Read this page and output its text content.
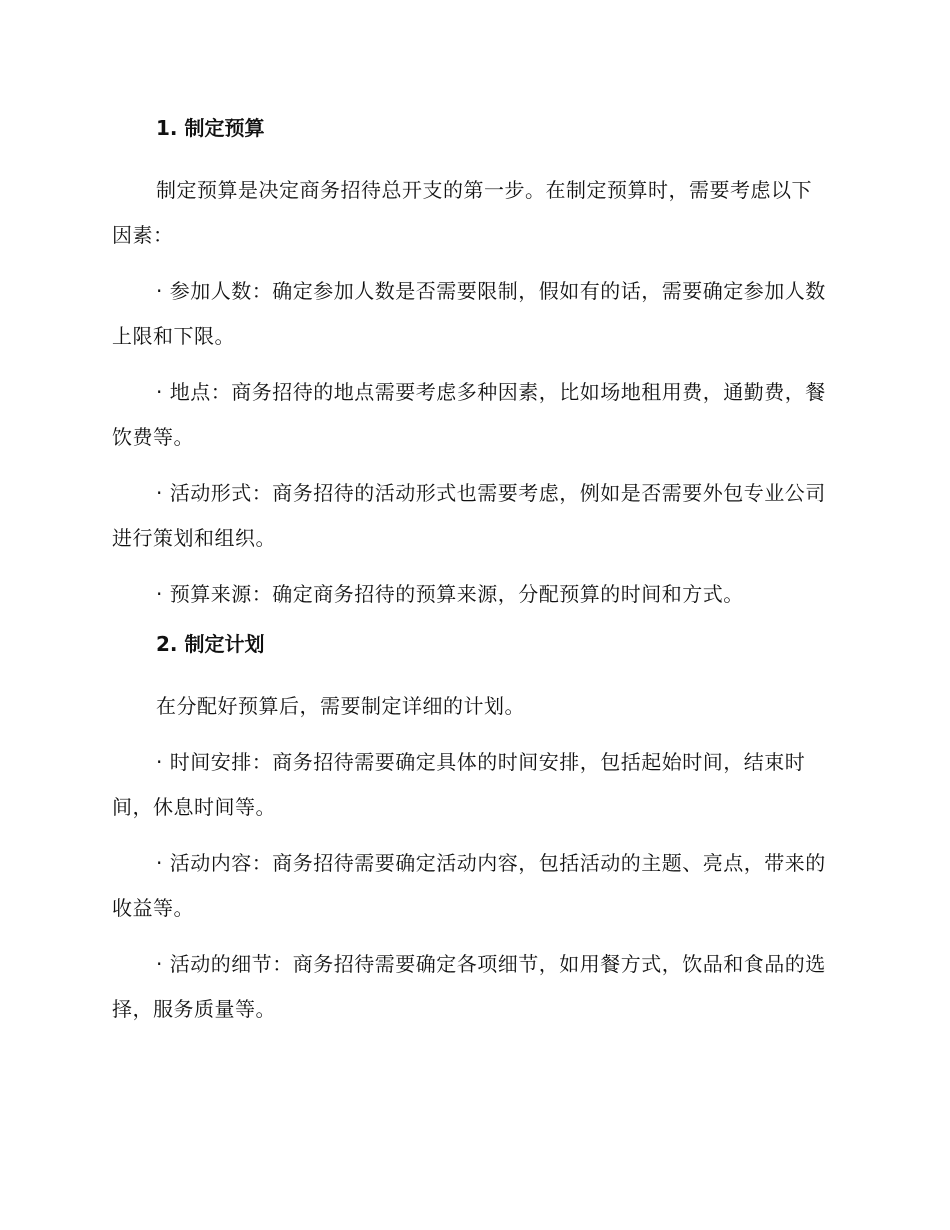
1. 制定预算

制定预算是决定商务招待总开支的第一步。在制定预算时，需要考虑以下因素：

· 参加人数：确定参加人数是否需要限制，假如有的话，需要确定参加人数上限和下限。

· 地点：商务招待的地点需要考虑多种因素，比如场地租用费，通勤费，餐饮费等。

· 活动形式：商务招待的活动形式也需要考虑，例如是否需要外包专业公司进行策划和组织。

· 预算来源：确定商务招待的预算来源，分配预算的时间和方式。

2. 制定计划

在分配好预算后，需要制定详细的计划。

· 时间安排：商务招待需要确定具体的时间安排，包括起始时间，结束时间，休息时间等。

· 活动内容：商务招待需要确定活动内容，包括活动的主题、亮点，带来的收益等。

· 活动的细节：商务招待需要确定各项细节，如用餐方式，饮品和食品的选择，服务质量等。
